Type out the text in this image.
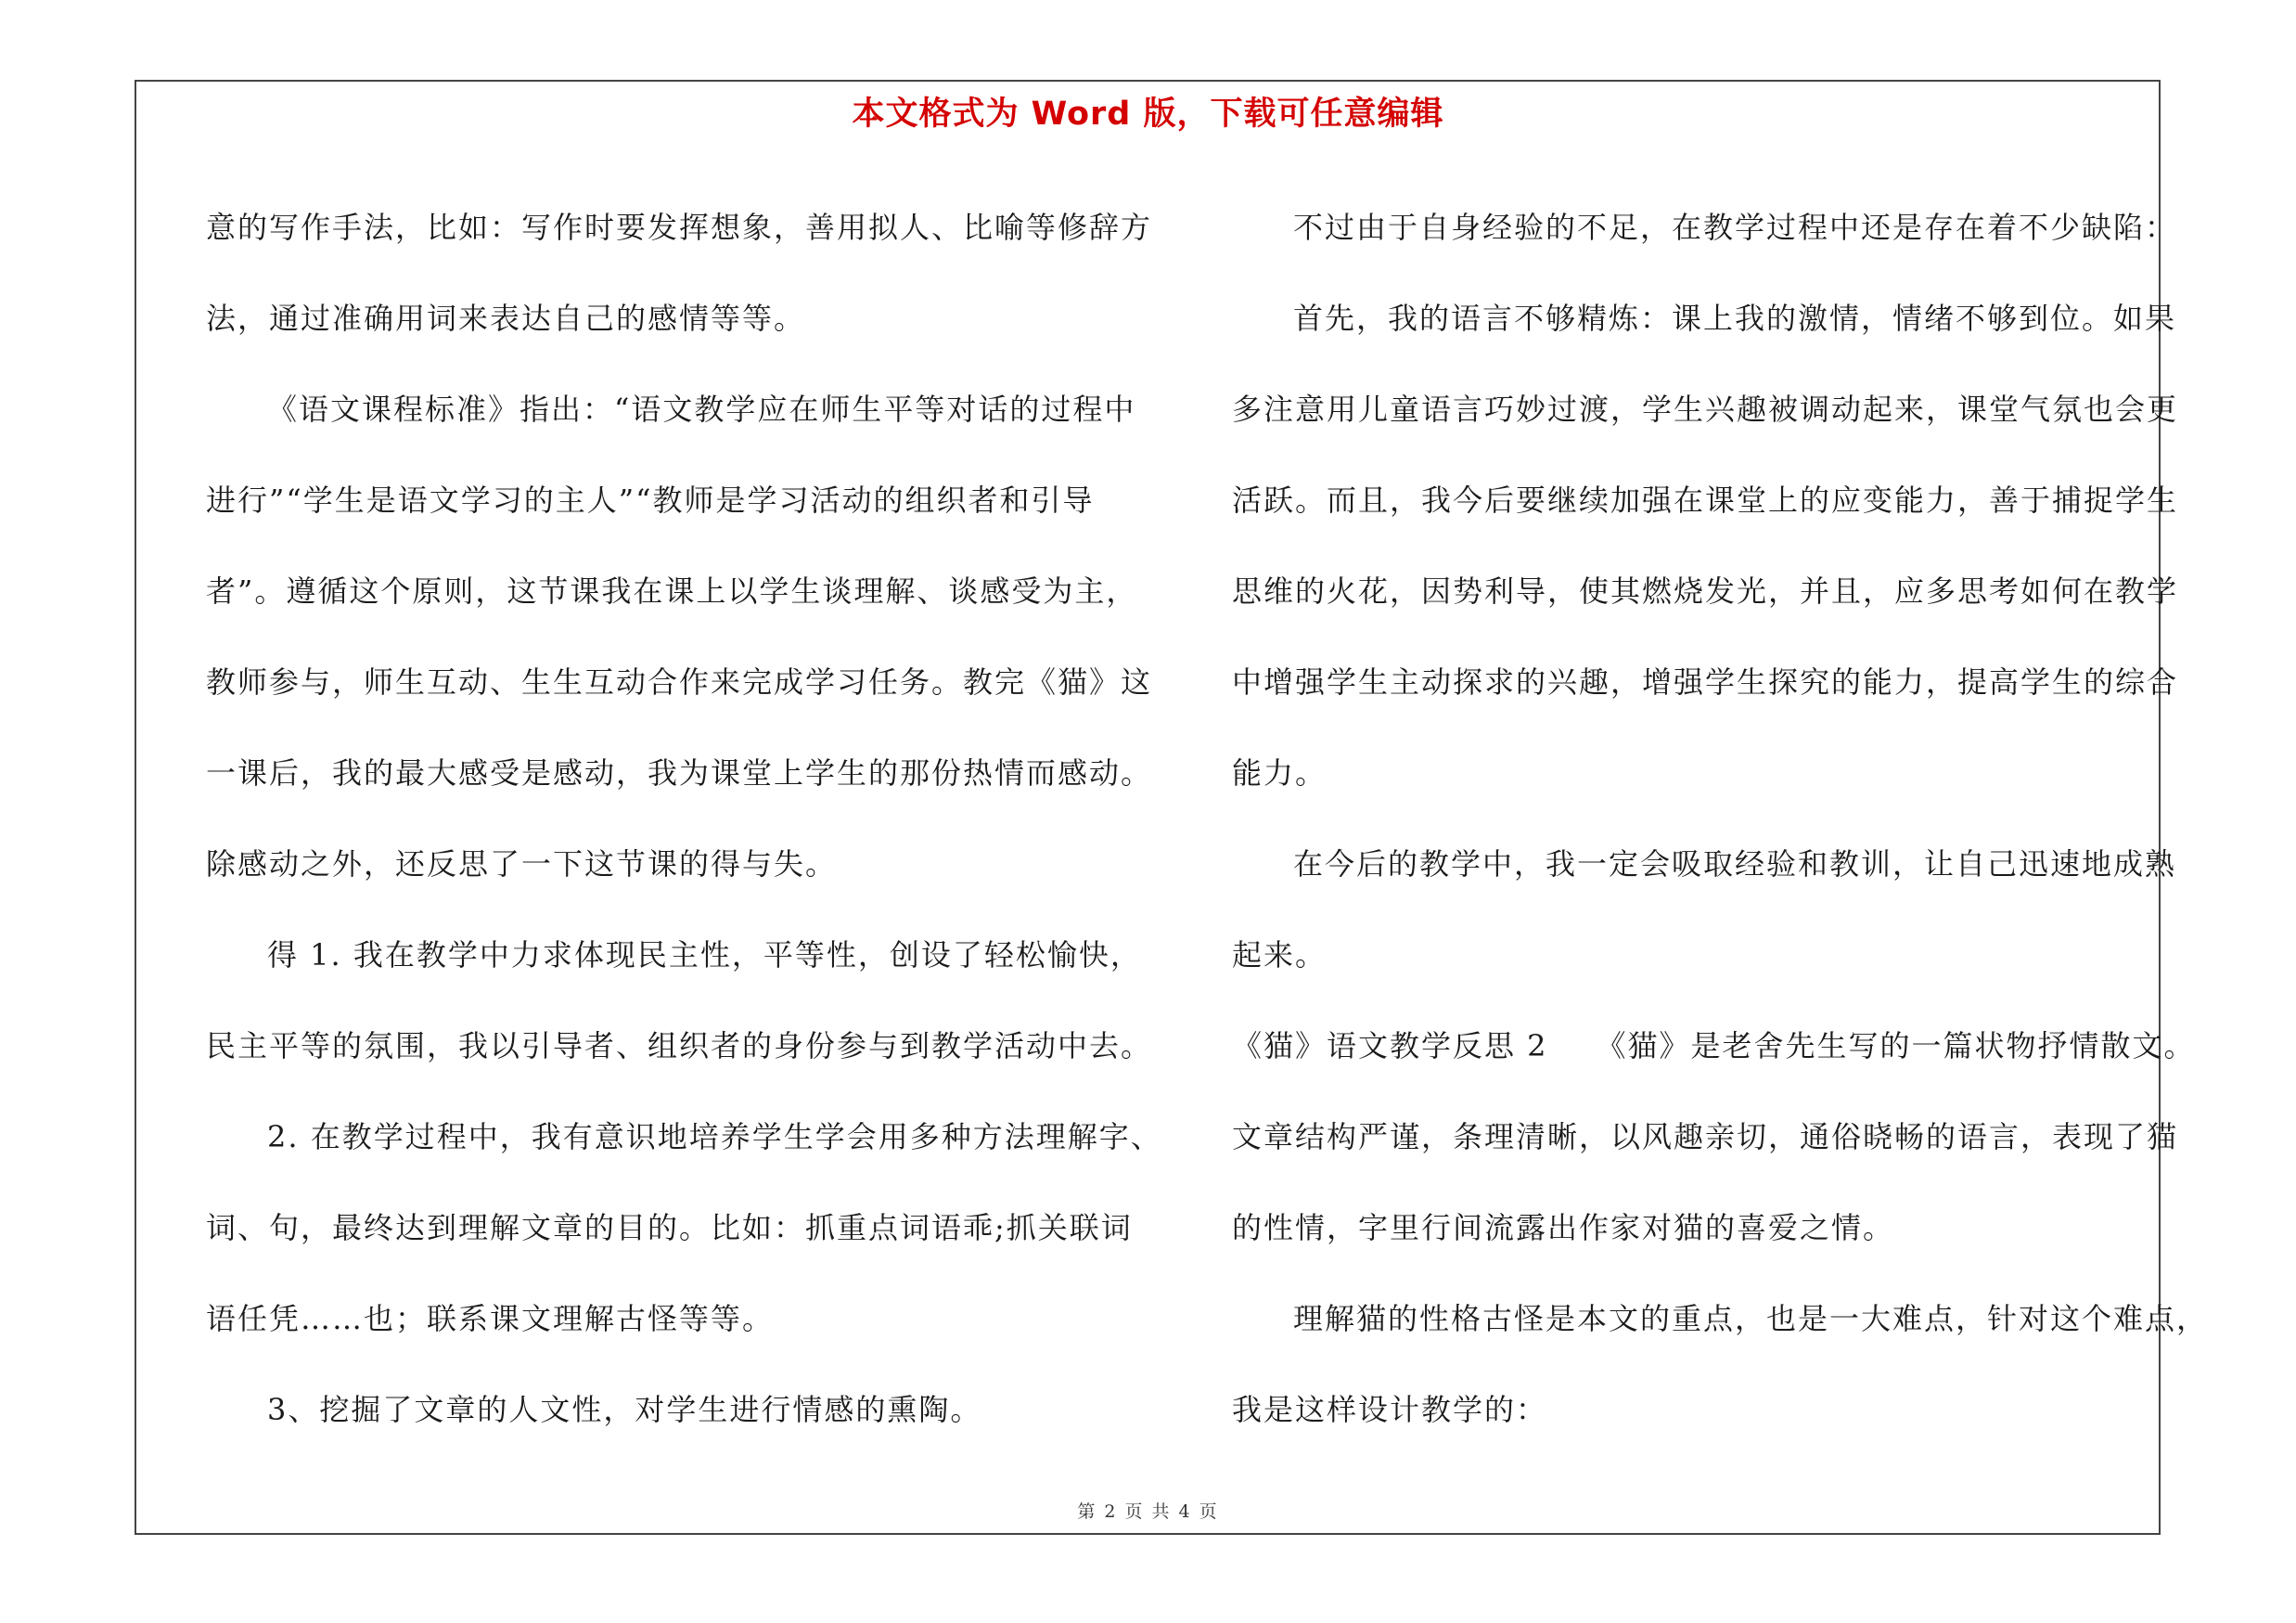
本文格式为 Word 版，下载可任意编辑
意的写作手法，比如：写作时要发挥想象，善用拟人、比喻等修辞方
法，通过准确用词来表达自己的感情等等。
《语文课程标准》指出：“语文教学应在师生平等对话的过程中
进行”“学生是语文学习的主人”“教师是学习活动的组织者和引导
者”。遵循这个原则，这节课我在课上以学生谈理解、谈感受为主，
教师参与，师生互动、生生互动合作来完成学习任务。教完《猫》这
一课后，我的最大感受是感动，我为课堂上学生的那份热情而感动。
除感动之外，还反思了一下这节课的得与失。
得 1. 我在教学中力求体现民主性，平等性，创设了轻松愉快，
民主平等的氛围，我以引导者、组织者的身份参与到教学活动中去。
2. 在教学过程中，我有意识地培养学生学会用多种方法理解字、
词、句，最终达到理解文章的目的。比如：抓重点词语乖;抓关联词
语任凭……也；联系课文理解古怪等等。
3、挖掘了文章的人文性，对学生进行情感的熏陶。
不过由于自身经验的不足，在教学过程中还是存在着不少缺陷：
首先，我的语言不够精炼：课上我的激情，情绪不够到位。如果
多注意用儿童语言巧妙过渡，学生兴趣被调动起来，课堂气氛也会更
活跃。而且，我今后要继续加强在课堂上的应变能力，善于捕捉学生
思维的火花，因势利导，使其燃烧发光，并且，应多思考如何在教学
中增强学生主动探求的兴趣，增强学生探究的能力，提高学生的综合
能力。
在今后的教学中，我一定会吸取经验和教训，让自己迅速地成熟
起来。
《猫》语文教学反思 2　　《猫》是老舍先生写的一篇状物抒情散文。
文章结构严谨，条理清晰，以风趣亲切，通俗晓畅的语言，表现了猫
的性情，字里行间流露出作家对猫的喜爱之情。
理解猫的性格古怪是本文的重点，也是一大难点，针对这个难点，
我是这样设计教学的：
第 2 页 共 4 页
